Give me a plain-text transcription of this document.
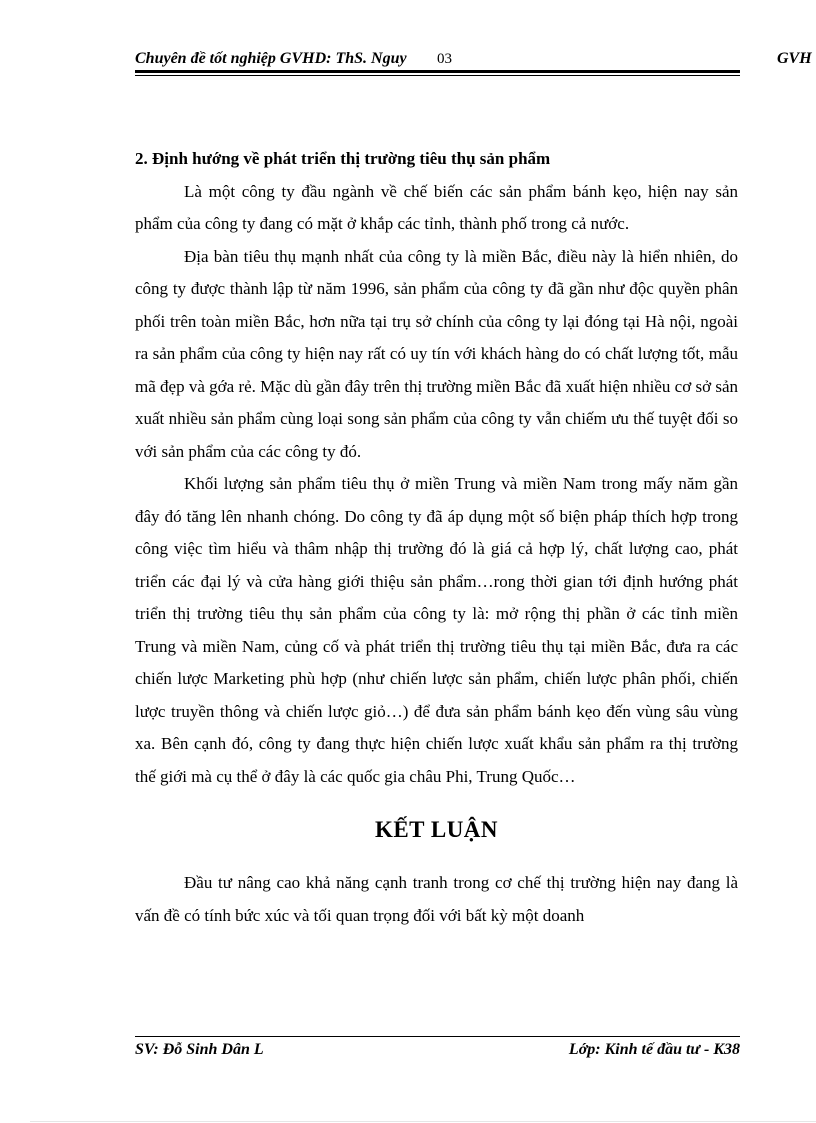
Chuyên đề tốt nghiệp GVHD: ThS. Nguy 03	GVH

2. Định hướng về phát triển thị trường tiêu thụ sản phẩm

Là một công ty đầu ngành về chế biến các sản phẩm bánh kẹo, hiện nay sản phẩm của công ty đang có mặt ở khắp các tỉnh, thành phố trong cả nước.

Địa bàn tiêu thụ mạnh nhất của công ty là miền Bắc, điều này là hiển nhiên, do công ty được thành lập từ năm 1996, sản phẩm của công ty đã gần như độc quyền phân phối trên toàn miền Bắc, hơn nữa tại trụ sở chính của công ty lại đóng tại Hà nội, ngoài ra sản phẩm của công ty hiện nay rất có uy tín với khách hàng do có chất lượng tốt, mẫu mã đẹp và gớa rẻ. Mặc dù gần đây trên thị trường miền Bắc đã xuất hiện nhiều cơ sở sản xuất nhiều sản phẩm cùng loại song sản phẩm của công ty vẫn chiếm ưu thế tuyệt đối so với sản phẩm của các công ty đó.

Khối lượng sản phẩm tiêu thụ ở miền Trung và miền Nam trong mấy năm gần đây đó tăng lên nhanh chóng. Do công ty đã áp dụng một số biện pháp thích hợp trong công việc tìm hiểu và thâm nhập thị trường đó là giá cả hợp lý, chất lượng cao, phát triển các đại lý và cửa hàng giới thiệu sản phẩm…rong thời gian tới định hướng phát triển thị trường tiêu thụ sản phẩm của công ty là: mở rộng thị phần ở các tỉnh miền Trung và miền Nam, củng cố và phát triển thị trường tiêu thụ tại miền Bắc, đưa ra các chiến lược Marketing phù hợp (như chiến lược sản phẩm, chiến lược phân phối, chiến lược truyền thông và chiến lược giỏ…) để đưa sản phẩm bánh kẹo đến vùng sâu vùng xa. Bên cạnh đó, công ty đang thực hiện chiến lược xuất khẩu sản phẩm ra thị trường thế giới mà cụ thể ở đây là các quốc gia châu Phi, Trung Quốc…

KẾT LUẬN

Đầu tư nâng cao khả năng cạnh tranh trong cơ chế thị trường hiện nay đang là vấn đề có tính bức xúc và tối quan trọng đối với bất kỳ một doanh

SV: Đỗ Sinh Dân L	Lớp: Kinh tế đầu tư - K38
